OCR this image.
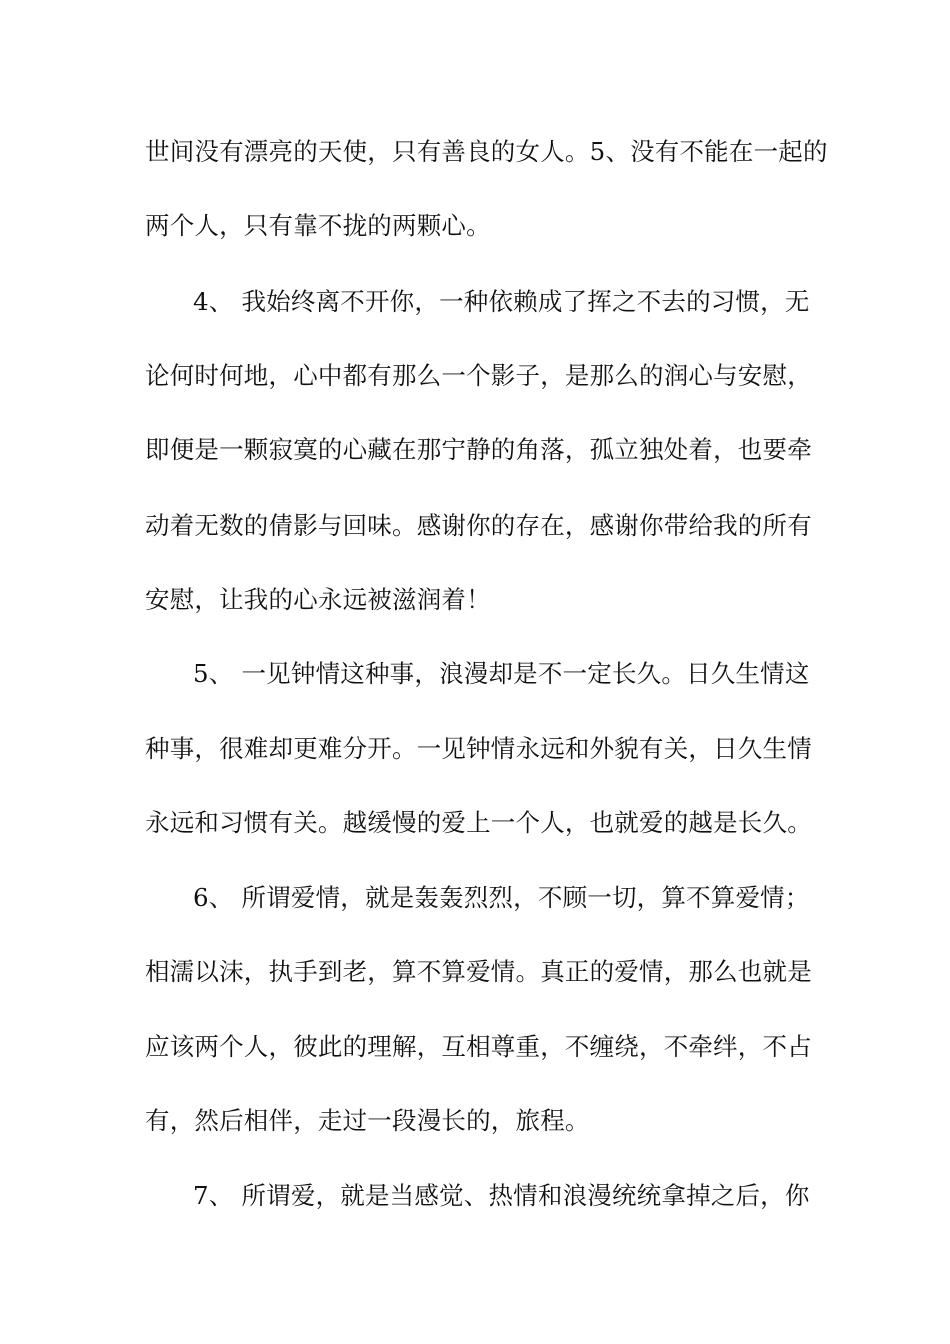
世间没有漂亮的天使，只有善良的女人。5、没有不能在一起的
两个人，只有靠不拢的两颗心。
4、 我始终离不开你，一种依赖成了挥之不去的习惯，无
论何时何地，心中都有那么一个影子，是那么的润心与安慰，
即便是一颗寂寞的心藏在那宁静的角落，孤立独处着，也要牵
动着无数的倩影与回味。感谢你的存在，感谢你带给我的所有
安慰，让我的心永远被滋润着！
5、 一见钟情这种事，浪漫却是不一定长久。日久生情这
种事，很难却更难分开。一见钟情永远和外貌有关，日久生情
永远和习惯有关。越缓慢的爱上一个人，也就爱的越是长久。
6、 所谓爱情，就是轰轰烈烈，不顾一切，算不算爱情；
相濡以沫，执手到老，算不算爱情。真正的爱情，那么也就是
应该两个人，彼此的理解，互相尊重，不缠绕，不牵绊，不占
有，然后相伴，走过一段漫长的，旅程。
7、 所谓爱，就是当感觉、热情和浪漫统统拿掉之后，你
